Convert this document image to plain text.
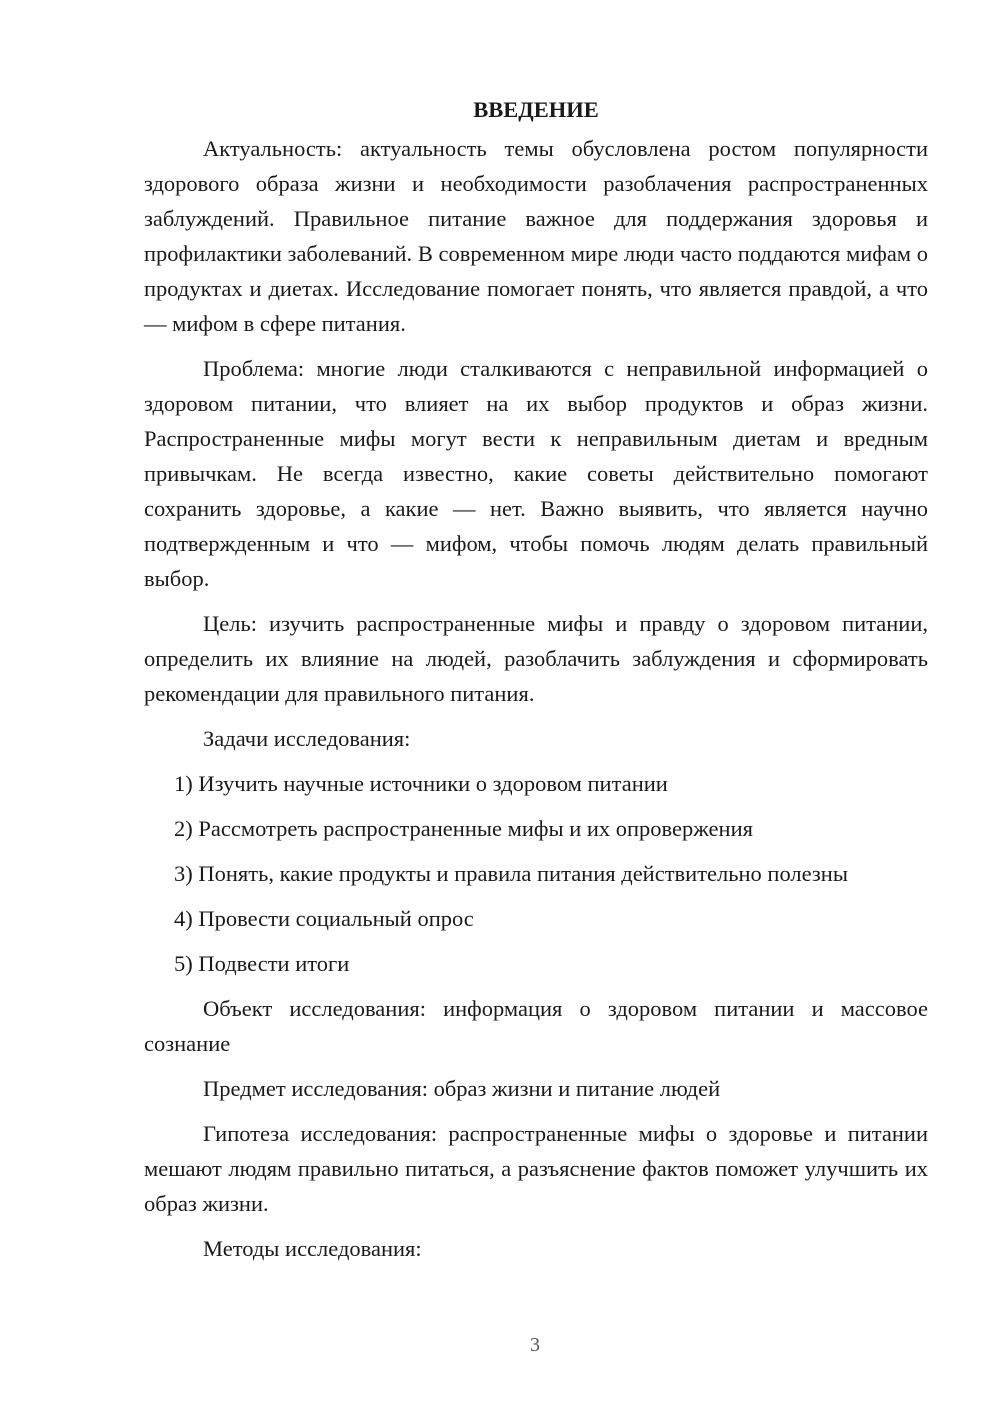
ВВЕДЕНИЕ

Актуальность: актуальность темы обусловлена ростом популярности здорового образа жизни и необходимости разоблачения распространенных заблуждений. Правильное питание важное для поддержания здоровья и профилактики заболеваний. В современном мире люди часто поддаются мифам о продуктах и диетах. Исследование помогает понять, что является правдой, а что — мифом в сфере питания.

Проблема: многие люди сталкиваются с неправильной информацией о здоровом питании, что влияет на их выбор продуктов и образ жизни. Распространенные мифы могут вести к неправильным диетам и вредным привычкам. Не всегда известно, какие советы действительно помогают сохранить здоровье, а какие — нет. Важно выявить, что является научно подтвержденным и что — мифом, чтобы помочь людям делать правильный выбор.

Цель: изучить распространенные мифы и правду о здоровом питании, определить их влияние на людей, разоблачить заблуждения и сформировать рекомендации для правильного питания.

Задачи исследования:

1) Изучить научные источники о здоровом питании
2) Рассмотреть распространенные мифы и их опровержения
3) Понять, какие продукты и правила питания действительно полезны
4) Провести социальный опрос
5) Подвести итоги

Объект исследования: информация о здоровом питании и массовое сознание

Предмет исследования: образ жизни и питание людей

Гипотеза исследования: распространенные мифы о здоровье и питании мешают людям правильно питаться, а разъяснение фактов поможет улучшить их образ жизни.

Методы исследования:

3
